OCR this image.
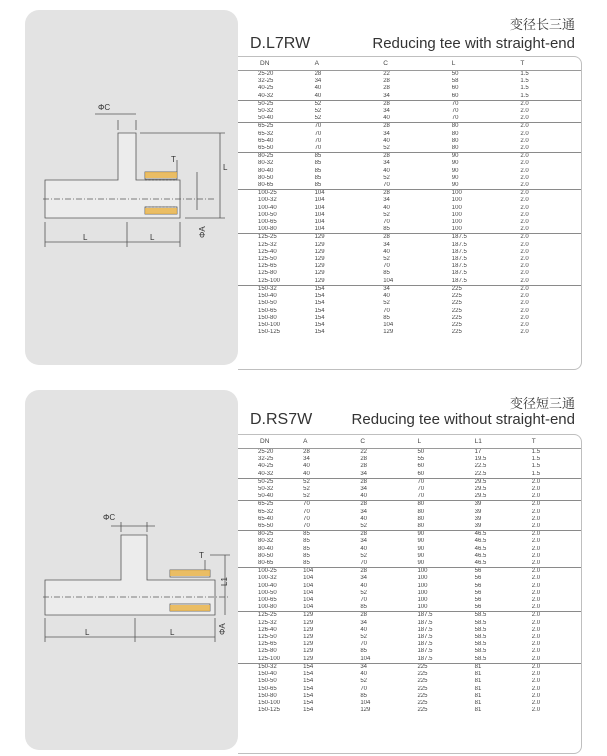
ΦC
T
L
L	L	ΦA
变径长三通
D.L7RW	Reducing tee with straight-end
DN	A	C	L	T
25-20	28	22	50	1.5
32-25	34	28	58	1.5
40-25	40	28	60	1.5
40-32	40	34	60	1.5
50-25	52	28	70	2.0
50-32	52	34	70	2.0
50-40	52	40	70	2.0
65-25	70	28	80	2.0
65-32	70	34	80	2.0
65-40	70	40	80	2.0
65-50	70	52	80	2.0
80-25	85	28	90	2.0
80-32	85	34	90	2.0
80-40	85	40	90	2.0
80-50	85	52	90	2.0
80-65	85	70	90	2.0
100-25	104	28	100	2.0
100-32	104	34	100	2.0
100-40	104	40	100	2.0
100-50	104	52	100	2.0
100-65	104	70	100	2.0
100-80	104	85	100	2.0
125-25	129	28	187.5	2.0
125-32	129	34	187.5	2.0
125-40	129	40	187.5	2.0
125-50	129	52	187.5	2.0
125-65	129	70	187.5	2.0
125-80	129	85	187.5	2.0
125-100	129	104	187.5	2.0
150-32	154	34	225	2.0
150-40	154	40	225	2.0
150-50	154	52	225	2.0
150-65	154	70	225	2.0
150-80	154	85	225	2.0
150-100	154	104	225	2.0
150-125	154	129	225	2.0
ΦC
T
L1
L	L	ΦA
变径短三通
D.RS7W	Reducing tee without straight-end
DN	A	C	L	L1	T
25-20	28	22	50	17	1.5
32-25	34	28	55	19.5	1.5
40-25	40	28	60	22.5	1.5
40-32	40	34	60	22.5	1.5
50-25	52	28	70	29.5	2.0
50-32	52	34	70	29.5	2.0
50-40	52	40	70	29.5	2.0
65-25	70	28	80	39	2.0
65-32	70	34	80	39	2.0
65-40	70	40	80	39	2.0
65-50	70	52	80	39	2.0
80-25	85	28	90	46.5	2.0
80-32	85	34	90	46.5	2.0
80-40	85	40	90	46.5	2.0
80-50	85	52	90	46.5	2.0
80-65	85	70	90	46.5	2.0
100-25	104	28	100	56	2.0
100-32	104	34	100	56	2.0
100-40	104	40	100	56	2.0
100-50	104	52	100	56	2.0
100-65	104	70	100	56	2.0
100-80	104	85	100	56	2.0
125-25	129	28	187.5	58.5	2.0
125-32	129	34	187.5	58.5	2.0
126-40	129	40	187.5	58.5	2.0
125-50	129	52	187.5	58.5	2.0
125-65	129	70	187.5	58.5	2.0
125-80	129	85	187.5	58.5	2.0
125-100	129	104	187.5	58.5	2.0
150-32	154	34	225	81	2.0
150-40	154	40	225	81	2.0
150-50	154	52	225	81	2.0
150-65	154	70	225	81	2.0
150-80	154	85	225	81	2.0
150-100	154	104	225	81	2.0
150-125	154	129	225	81	2.0
